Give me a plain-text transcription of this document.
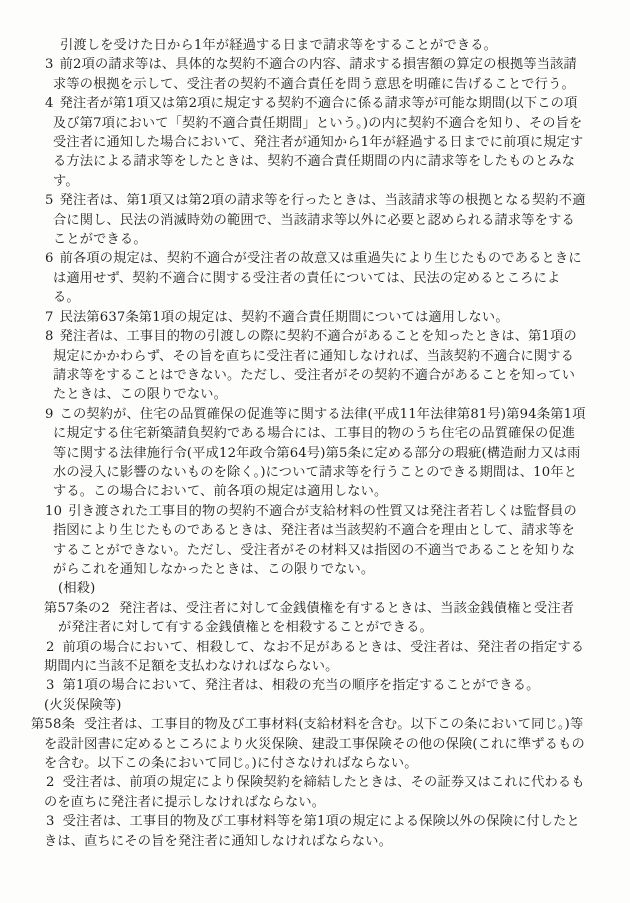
引渡しを受けた日から1年が経過する日まで請求等をすることができる。

3 前2項の請求等は、具体的な契約不適合の内容、請求する損害額の算定の根拠等当該請求等の根拠を示して、受注者の契約不適合責任を問う意思を明確に告げることで行う。

4 発注者が第1項又は第2項に規定する契約不適合に係る請求等が可能な期間(以下この項及び第7項において「契約不適合責任期間」という。)の内に契約不適合を知り、その旨を受注者に通知した場合において、発注者が通知から1年が経過する日までに前項に規定する方法による請求等をしたときは、契約不適合責任期間の内に請求等をしたものとみなす。

5 発注者は、第1項又は第2項の請求等を行ったときは、当該請求等の根拠となる契約不適合に関し、民法の消滅時効の範囲で、当該請求等以外に必要と認められる請求等をすることができる。

6 前各項の規定は、契約不適合が受注者の故意又は重過失により生じたものであるときには適用せず、契約不適合に関する受注者の責任については、民法の定めるところによる。

7 民法第637条第1項の規定は、契約不適合責任期間については適用しない。

8 発注者は、工事目的物の引渡しの際に契約不適合があることを知ったときは、第1項の規定にかかわらず、その旨を直ちに受注者に通知しなければ、当該契約不適合に関する請求等をすることはできない。ただし、受注者がその契約不適合があることを知っていたときは、この限りでない。

9 この契約が、住宅の品質確保の促進等に関する法律(平成11年法律第81号)第94条第1項に規定する住宅新築請負契約である場合には、工事目的物のうち住宅の品質確保の促進等に関する法律施行令(平成12年政令第64号)第5条に定める部分の瑕疵(構造耐力又は雨水の浸入に影響のないものを除く。)について請求等を行うことのできる期間は、10年とする。この場合において、前各項の規定は適用しない。

10 引き渡された工事目的物の契約不適合が支給材料の性質又は発注者若しくは監督員の指図により生じたものであるときは、発注者は当該契約不適合を理由として、請求等をすることができない。ただし、受注者がその材料又は指図の不適当であることを知りながらこれを通知しなかったときは、この限りでない。

(相殺)

第57条の2 発注者は、受注者に対して金銭債権を有するときは、当該金銭債権と受注者が発注者に対して有する金銭債権とを相殺することができる。

2 前項の場合において、相殺して、なお不足があるときは、受注者は、発注者の指定する期間内に当該不足額を支払わなければならない。

3 第1項の場合において、発注者は、相殺の充当の順序を指定することができる。

(火災保険等)

第58条 受注者は、工事目的物及び工事材料(支給材料を含む。以下この条において同じ。)等を設計図書に定めるところにより火災保険、建設工事保険その他の保険(これに準ずるものを含む。以下この条において同じ。)に付さなければならない。

2 受注者は、前項の規定により保険契約を締結したときは、その証券又はこれに代わるものを直ちに発注者に提示しなければならない。

3 受注者は、工事目的物及び工事材料等を第1項の規定による保険以外の保険に付したときは、直ちにその旨を発注者に通知しなければならない。
